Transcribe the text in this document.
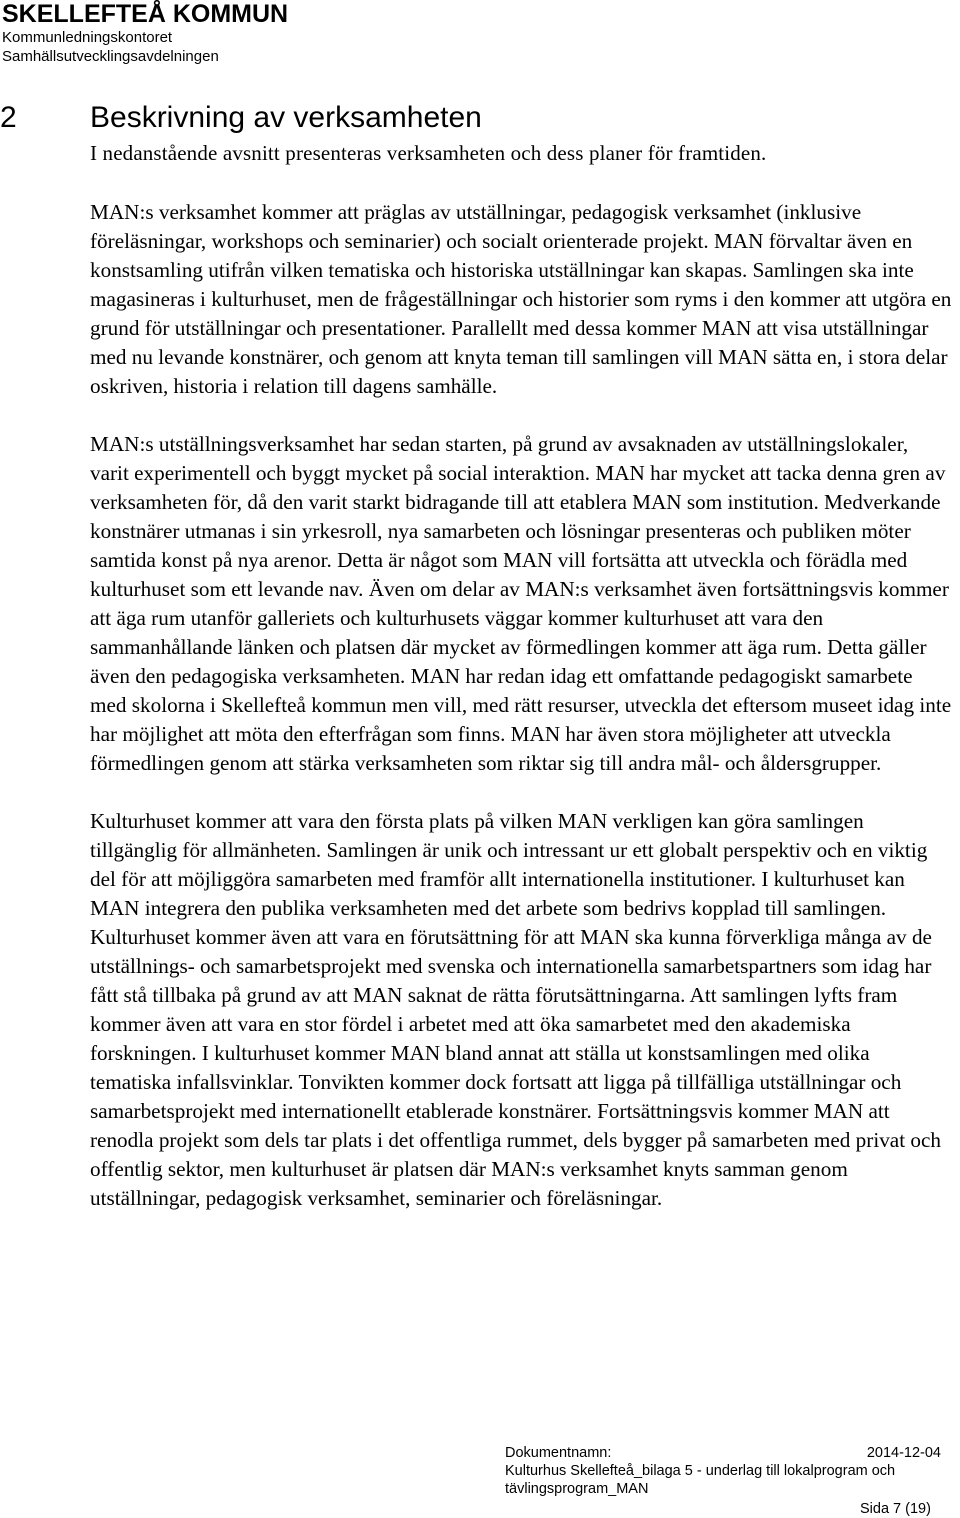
SKELLEFTEÅ KOMMUN

Kommunledningskontoret

Samhällsutvecklingsavdelningen

2 Beskrivning av verksamheten

I nedanstående avsnitt presenteras verksamheten och dess planer för framtiden.

MAN:s verksamhet kommer att präglas av utställningar, pedagogisk verksamhet (inklusive föreläsningar, workshops och seminarier) och socialt orienterade projekt. MAN förvaltar även en konstsamling utifrån vilken tematiska och historiska utställningar kan skapas. Samlingen ska inte magasineras i kulturhuset, men de frågeställningar och historier som ryms i den kommer att utgöra en grund för utställningar och presentationer. Parallellt med dessa kommer MAN att visa utställningar med nu levande konstnärer, och genom att knyta teman till samlingen vill MAN sätta en, i stora delar oskriven, historia i relation till dagens samhälle.

MAN:s utställningsverksamhet har sedan starten, på grund av avsaknaden av utställningslokaler, varit experimentell och byggt mycket på social interaktion. MAN har mycket att tacka denna gren av verksamheten för, då den varit starkt bidragande till att etablera MAN som institution. Medverkande konstnärer utmanas i sin yrkesroll, nya samarbeten och lösningar presenteras och publiken möter samtida konst på nya arenor. Detta är något som MAN vill fortsätta att utveckla och förädla med kulturhuset som ett levande nav. Även om delar av MAN:s verksamhet även fortsättningsvis kommer att äga rum utanför galleriets och kulturhusets väggar kommer kulturhuset att vara den sammanhållande länken och platsen där mycket av förmedlingen kommer att äga rum. Detta gäller även den pedagogiska verksamheten. MAN har redan idag ett omfattande pedagogiskt samarbete med skolorna i Skellefteå kommun men vill, med rätt resurser, utveckla det eftersom museet idag inte har möjlighet att möta den efterfrågan som finns. MAN har även stora möjligheter att utveckla förmedlingen genom att stärka verksamheten som riktar sig till andra mål- och åldersgrupper.

Kulturhuset kommer att vara den första plats på vilken MAN verkligen kan göra samlingen tillgänglig för allmänheten. Samlingen är unik och intressant ur ett globalt perspektiv och en viktig del för att möjliggöra samarbeten med framför allt internationella institutioner. I kulturhuset kan MAN integrera den publika verksamheten med det arbete som bedrivs kopplad till samlingen. Kulturhuset kommer även att vara en förutsättning för att MAN ska kunna förverkliga många av de utställnings- och samarbetsprojekt med svenska och internationella samarbetspartners som idag har fått stå tillbaka på grund av att MAN saknat de rätta förutsättningarna. Att samlingen lyfts fram kommer även att vara en stor fördel i arbetet med att öka samarbetet med den akademiska forskningen. I kulturhuset kommer MAN bland annat att ställa ut konstsamlingen med olika tematiska infallsvinklar. Tonvikten kommer dock fortsatt att ligga på tillfälliga utställningar och samarbetsprojekt med internationellt etablerade konstnärer. Fortsättningsvis kommer MAN att renodla projekt som dels tar plats i det offentliga rummet, dels bygger på samarbeten med privat och offentlig sektor, men kulturhuset är platsen där MAN:s verksamhet knyts samman genom utställningar, pedagogisk verksamhet, seminarier och föreläsningar.

Dokumentnamn:	2014-12-04
Kulturhus Skellefteå_bilaga 5 - underlag till lokalprogram och tävlingsprogram_MAN
Sida 7 (19)
